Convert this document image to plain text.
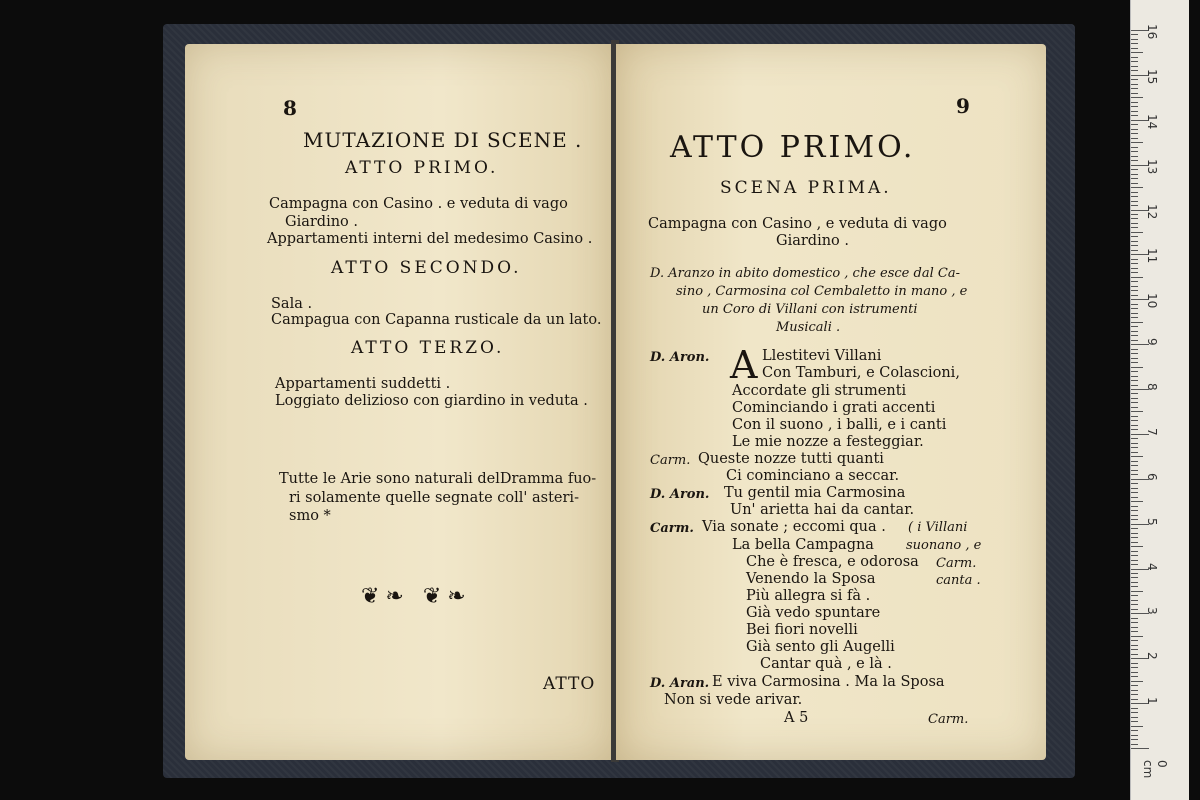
8
MUTAZIONE DI SCENE .
ATTO PRIMO.
Campagna con Casino . e veduta di vago
Giardino .
Appartamenti interni del medesimo Casino .
ATTO SECONDO.
Sala .
Campagua con Capanna rusticale da un lato.
ATTO TERZO.
Appartamenti suddetti .
Loggiato delizioso con giardino in veduta .
Tutte le Arie sono naturali delDramma fuo-
ri solamente quelle segnate coll' asteri-
smo *
❦❧ ❦❧
ATTO
9
ATTO PRIMO.
SCENA PRIMA.
Campagna con Casino , e veduta di vago
Giardino .
D. Aranzo in abito domestico , che esce dal Ca-
sino , Carmosina col Cembaletto in mano , e
un Coro di Villani con istrumenti
Musicali .
D. Aron. A Llestitevi Villani
Con Tamburi, e Colascioni,
Accordate gli strumenti
Cominciando i grati accenti
Con il suono , i balli, e i canti
Le mie nozze a festeggiar.
Carm. Queste nozze tutti quanti
Ci cominciano a seccar.
D. Aron. Tu gentil mia Carmosina
Un' arietta hai da cantar.
Carm. Via sonate ; eccomi qua .
La bella Campagna
Che è fresca, e odorosa
Venendo la Sposa
Più allegra si fà .
Già vedo spuntare
Bei fiori novelli
Già sento gli Augelli
Cantar quà , e là .
( i Villani
suonano , e
Carm.
canta .
D. Aran. E viva Carmosina . Ma la Sposa
Non si vede arivar.
A 5	Carm.
0 cm
16
15
14
13
12
11
10
9
8
7
6
5
4
3
2
1
